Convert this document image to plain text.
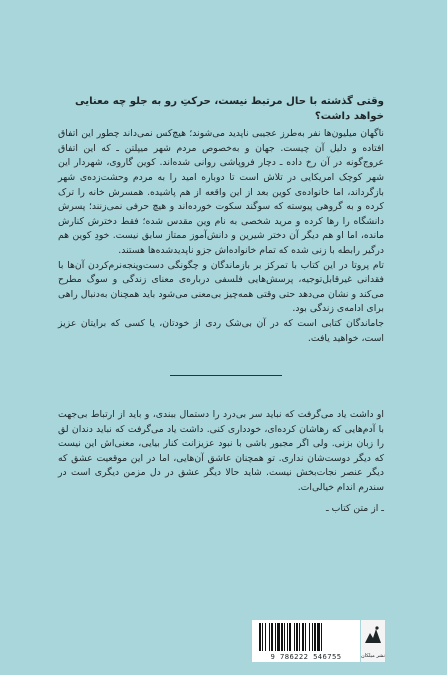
وقتی گذشته با حال مرتبط نیست، حرکتِ رو به جلو چه معنایی خواهد داشت؟

ناگهان میلیون‌ها نفر به‌طرز عجیبی ناپدید می‌شوند؛ هیچ‌کس نمی‌داند چطور این اتفاق افتاده و دلیل آن چیست. جهان و به‌خصوص مردم شهر میپلتن ـ که این اتفاق عروج‌گونه در آن رخ داده ـ دچار فروپاشی روانی شده‌اند. کوین گاروی، شهردار این شهر کوچک امریکایی در تلاش است تا دوباره امید را به مردم وحشت‌زده‌ی شهر بازگرداند، اما خانواده‌ی کوین بعد از این واقعه از هم پاشیده. همسرش خانه را ترک کرده و به گروهی پیوسته که سوگند سکوت خورده‌اند و هیچ حرفی نمی‌زنند؛ پسرش دانشگاه را رها کرده و مرید شخصی به نام وین مقدس شده؛ فقط دخترش کنارش مانده، اما او هم دیگر آن دختر شیرین و دانش‌آموز ممتاز سابق نیست. خودِ کوین هم درگیر رابطه با زنی شده که تمام خانواده‌اش جزو ناپدیدشده‌ها هستند.

تام پروتا در این کتاب با تمرکز بر بازماندگان و چگونگی دست‌وپنجه‌نرم‌کردن آن‌ها با فقدانی غیرقابل‌توجیه، پرسش‌هایی فلسفی درباره‌ی معنای زندگی و سوگ مطرح می‌کند و نشان می‌دهد حتی وقتی همه‌چیز بی‌معنی می‌شود باید همچنان به‌دنبال راهی برای ادامه‌ی زندگی بود.

جاماندگان کتابی است که در آن بی‌شک ردی از خودتان، یا کسی که برایتان عزیز است، خواهید یافت.

او داشت یاد می‌گرفت که نباید سر بی‌درد را دستمال ببندی، و باید از ارتباط بی‌جهت با آدم‌هایی که رهاشان کرده‌ای، خودداری کنی. داشت یاد می‌گرفت که نباید دندان لق را زبان بزنی. ولی اگر مجبور باشی با نبود عزیزانت کنار بیایی، معنی‌اش این نیست که دیگر دوست‌شان نداری. تو همچنان عاشق آن‌هایی، اما در این موقعیت عشق که دیگر عنصر نجات‌بخش نیست. شاید حالا دیگر عشق در دل مزمن دیگری است در سندرم اندام خیالی‌ات.

ـ از متن کتاب ـ

9 786222 546755	نشر میلکان
